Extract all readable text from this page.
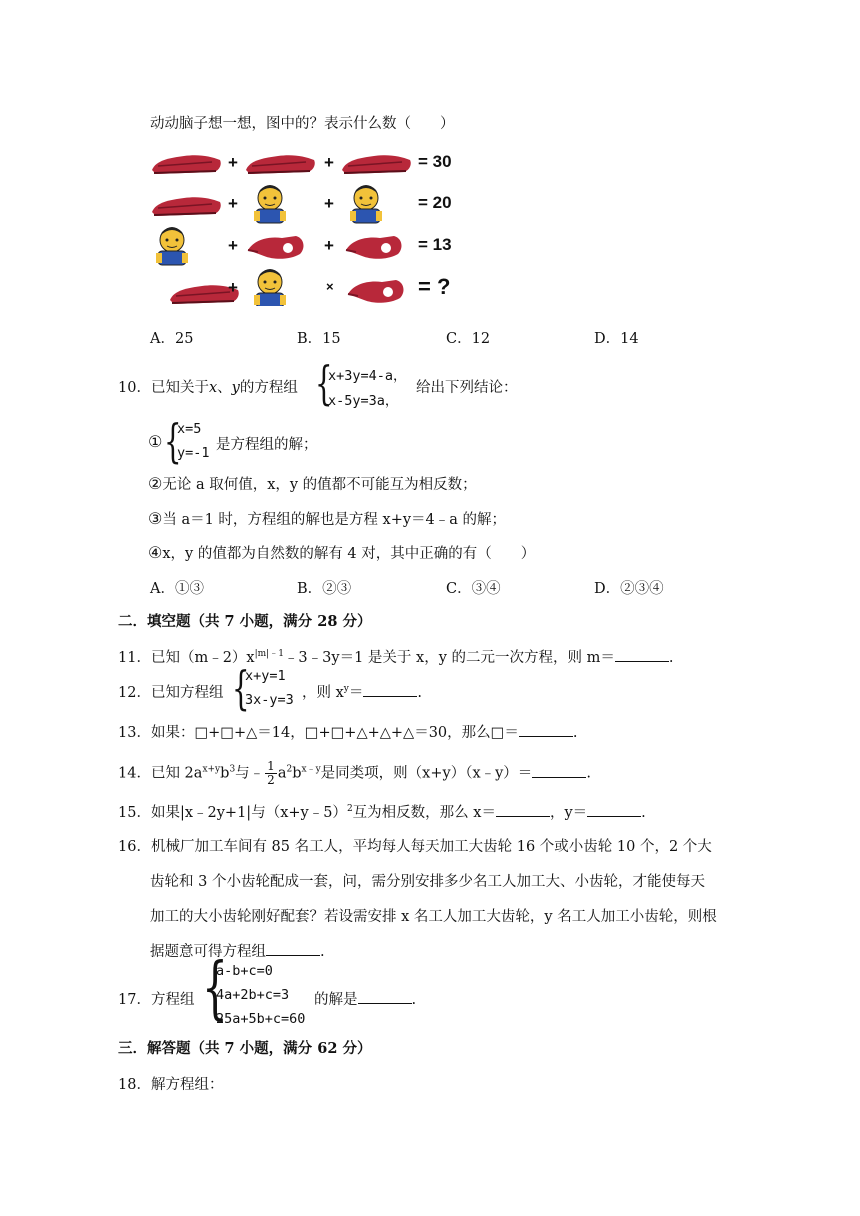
动动脑子想一想，图中的？表示什么数（　　）
+	+	= 30
+	+	= 20
+	+	= 13
+	×	= ?
A．25	B．15	C．12	D．14
10．已知关于x、y的方程组 {
x+3y=4-a，
x-5y=3a，
给出下列结论：
① {
x=5
y=-1 是方程组的解；
②无论 a 取何值，x，y 的值都不可能互为相反数；
③当 a＝1 时，方程组的解也是方程 x+y＝4﹣a 的解；
④x，y 的值都为自然数的解有 4 对，其中正确的有（　　）
A．①③	B．②③	C．③④	D．②③④
二．填空题（共 7 小题，满分 28 分）
11．已知$(m﹣2)x^{|m|﹣1}﹣3﹣3y=1$ 是关于 x，y 的二元一次方程，则 m＝	.
12．已知方程组 {
x+y=1
3x-y=3 ，则 $x^y=$	.
13．如果：□+□+△＝14，□+□+△+△+△＝30，那么□＝	.
14．已知 $2a^{x+y}b^3$与﹣ $\frac{1}{2} a^2b^{x﹣y}$是同类项，则（x+y）（x﹣y）＝	.
15．如果|x﹣2y+1|与（x+y﹣5）$^2$互为相反数，那么 x＝	，y＝	.
16．机械厂加工车间有 85 名工人，平均每人每天加工大齿轮 16 个或小齿轮 10 个，2 个大
齿轮和 3 个小齿轮配成一套，问，需分别安排多少名工人加工大、小齿轮，才能使每天
加工的大小齿轮刚好配套？若设需安排 x 名工人加工大齿轮，y 名工人加工小齿轮，则根
据题意可得方程组	.
17．方程组 {
a-b+c=0
4a+2b+c=3
25a+5b+c=60
的解是	.
三．解答题（共 7 小题，满分 62 分）
18．解方程组：
